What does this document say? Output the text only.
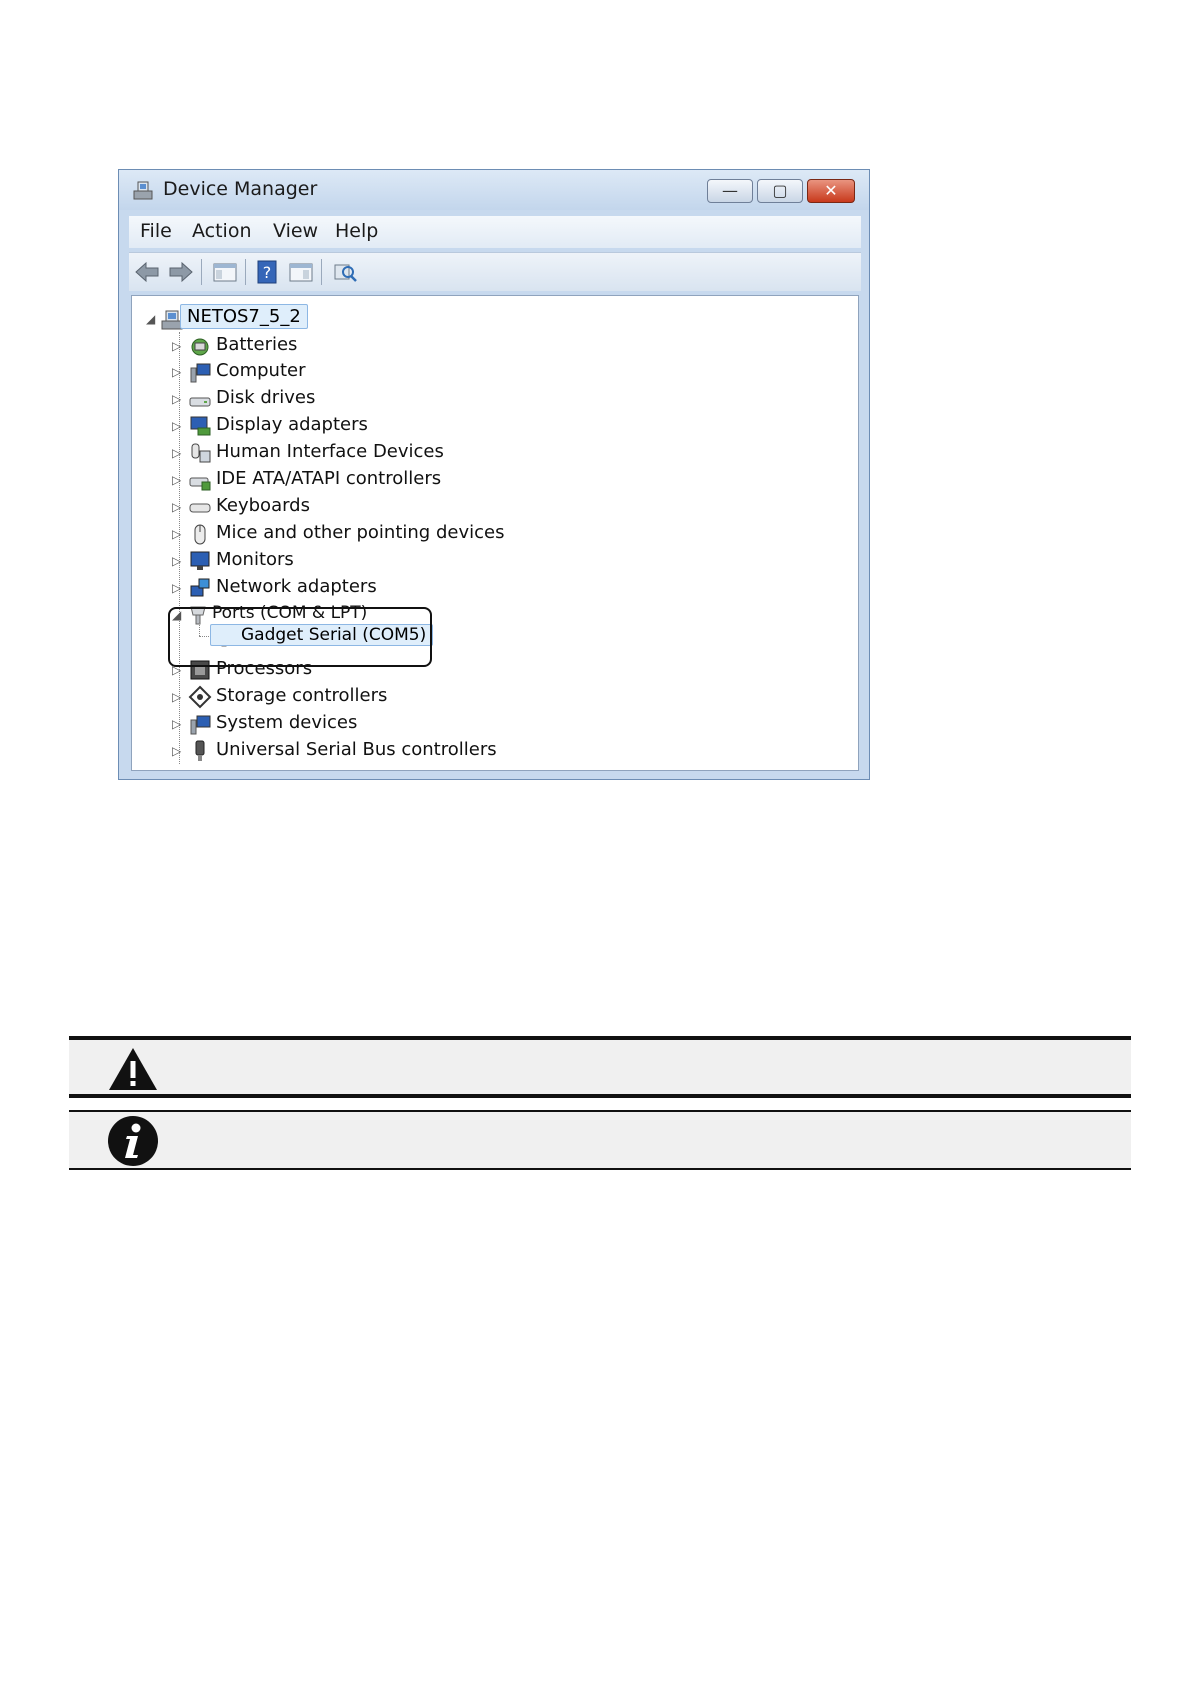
Device Manager	—	▢	✕
File Action View Help
?
◢	NETOS7_5_2
▷ Batteries
▷ Computer
▷ Disk drives
▷ Display adapters
▷ Human Interface Devices
▷ IDE ATA/ATAPI controllers
▷ Keyboards
▷ Mice and other pointing devices
▷ Monitors
▷ Network adapters
◢ Ports (COM & LPT)
Gadget Serial (COM5)
▷ Processors
▷ Storage controllers
▷ System devices
▷ Universal Serial Bus controllers
